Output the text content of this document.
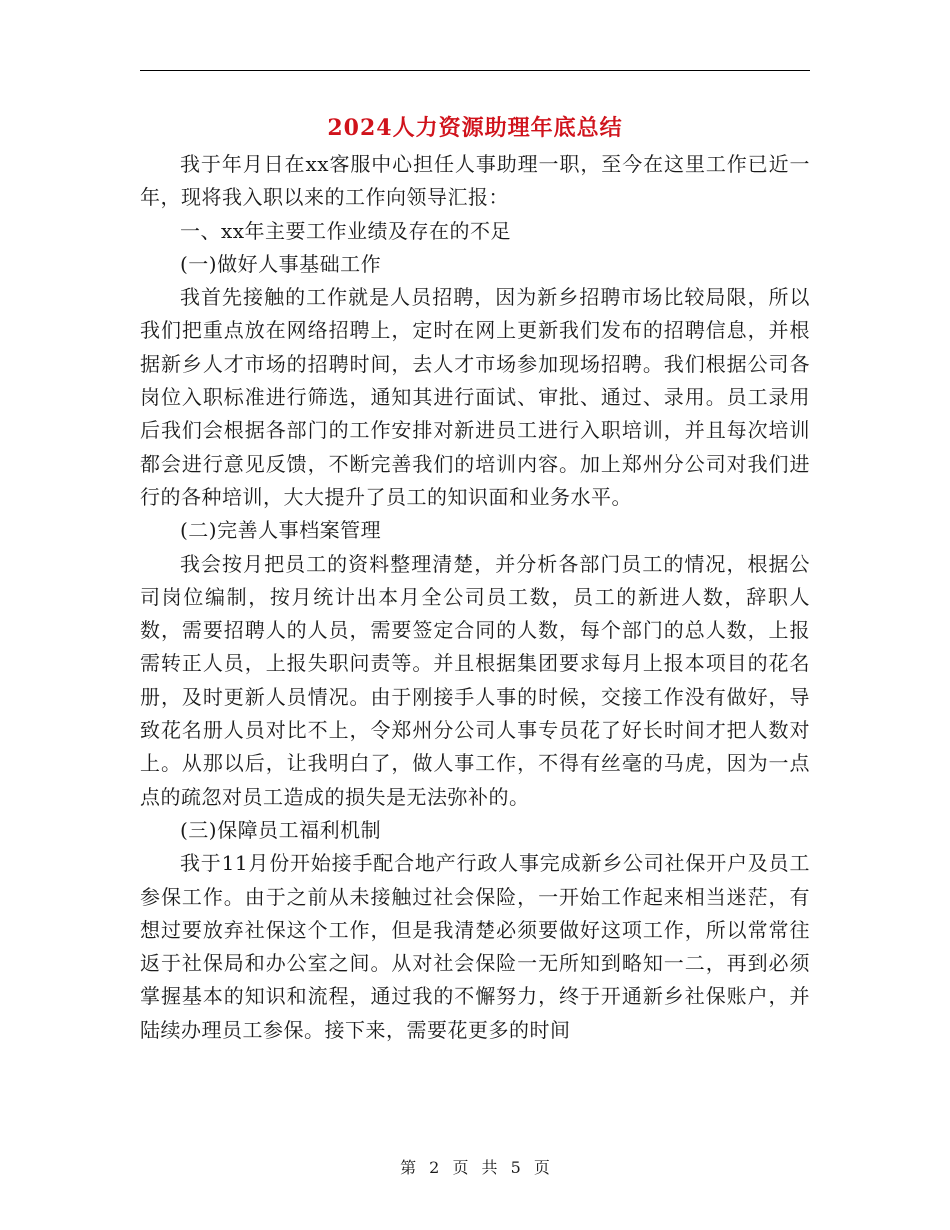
2024人力资源助理年底总结

我于年月日在xx客服中心担任人事助理一职，至今在这里工作已近一年，现将我入职以来的工作向领导汇报：

一、xx年主要工作业绩及存在的不足

(一)做好人事基础工作

我首先接触的工作就是人员招聘，因为新乡招聘市场比较局限，所以我们把重点放在网络招聘上，定时在网上更新我们发布的招聘信息，并根据新乡人才市场的招聘时间，去人才市场参加现场招聘。我们根据公司各岗位入职标准进行筛选，通知其进行面试、审批、通过、录用。员工录用后我们会根据各部门的工作安排对新进员工进行入职培训，并且每次培训都会进行意见反馈，不断完善我们的培训内容。加上郑州分公司对我们进行的各种培训，大大提升了员工的知识面和业务水平。

(二)完善人事档案管理

我会按月把员工的资料整理清楚，并分析各部门员工的情况，根据公司岗位编制，按月统计出本月全公司员工数，员工的新进人数，辞职人数，需要招聘人的人员，需要签定合同的人数，每个部门的总人数，上报需转正人员，上报失职问责等。并且根据集团要求每月上报本项目的花名册，及时更新人员情况。由于刚接手人事的时候，交接工作没有做好，导致花名册人员对比不上，令郑州分公司人事专员花了好长时间才把人数对上。从那以后，让我明白了，做人事工作，不得有丝毫的马虎，因为一点点的疏忽对员工造成的损失是无法弥补的。

(三)保障员工福利机制

我于11月份开始接手配合地产行政人事完成新乡公司社保开户及员工参保工作。由于之前从未接触过社会保险，一开始工作起来相当迷茫，有想过要放弃社保这个工作，但是我清楚必须要做好这项工作，所以常常往返于社保局和办公室之间。从对社会保险一无所知到略知一二，再到必须掌握基本的知识和流程，通过我的不懈努力，终于开通新乡社保账户，并陆续办理员工参保。接下来，需要花更多的时间

第 2 页 共 5 页
